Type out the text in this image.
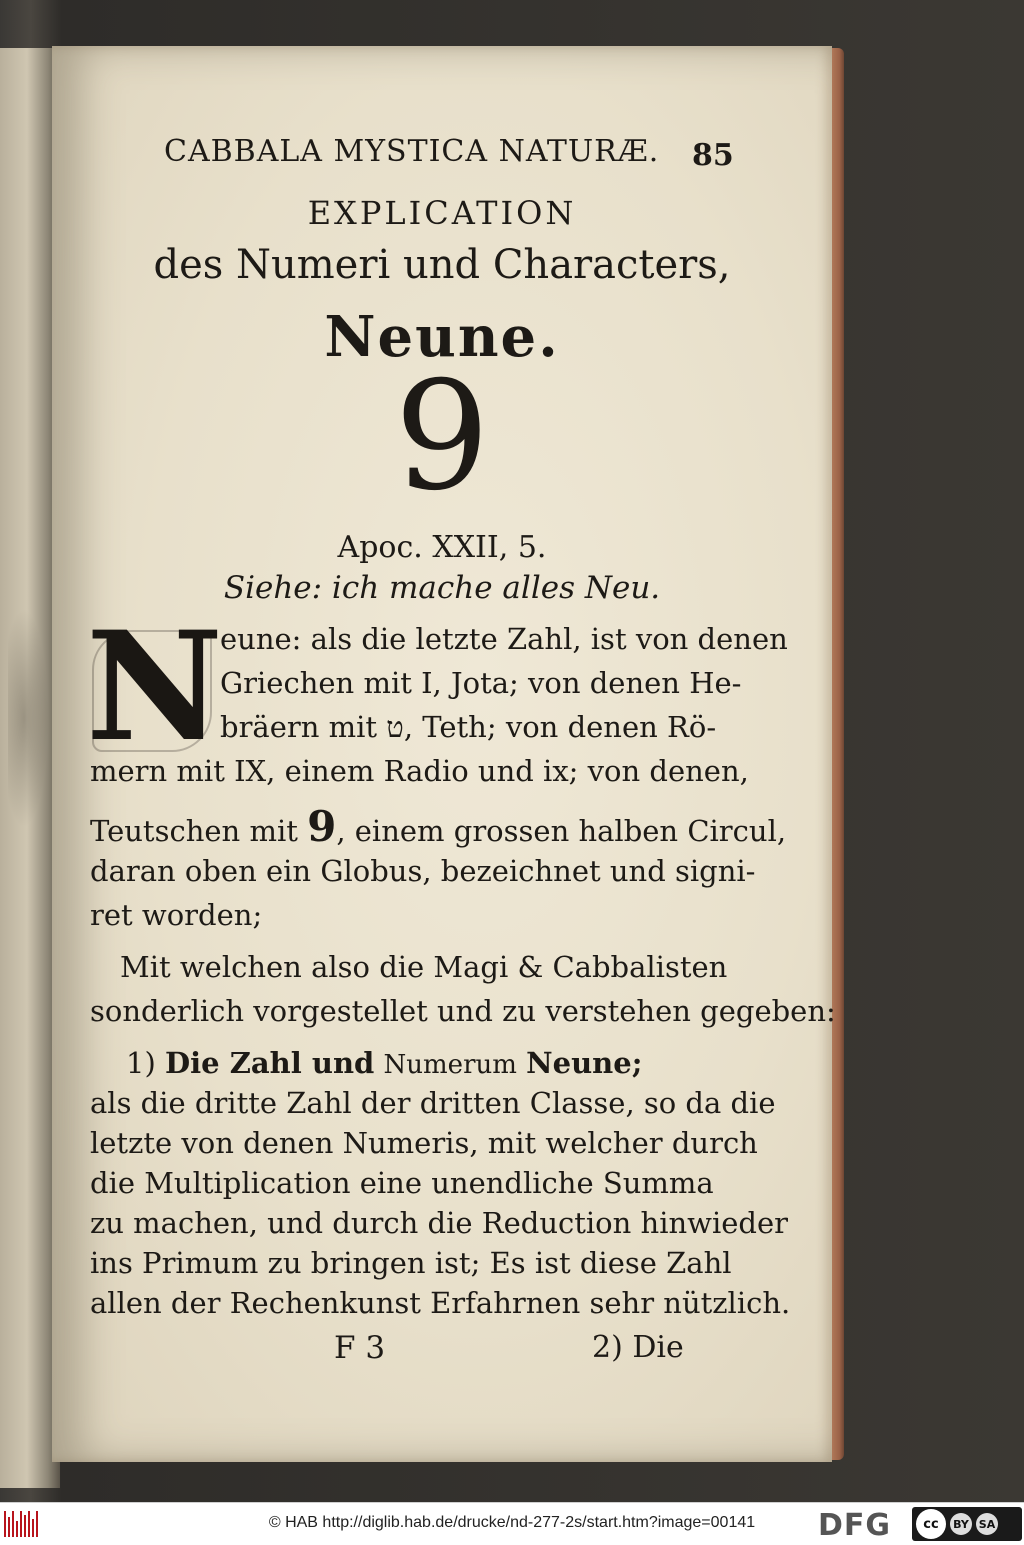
CABBALA MYSTICA NATURÆ.	85
EXPLICATION
des Numeri und Characters,
Neune.
9
Apoc. XXII, 5.
Siehe: ich mache alles Neu.
N
eune: als die letzte Zahl, ist von denen
Griechen mit I, Jota; von denen He-
bräern mit ט, Teth; von denen Rö-
mern mit IX, einem Radio und ix; von denen,
Teutschen mit 9, einem grossen halben Circul,
daran oben ein Globus, bezeichnet und signi-
ret worden;
Mit welchen also die Magi & Cabbalisten
sonderlich vorgestellet und zu verstehen gegeben:
1) Die Zahl und Numerum Neune;
als die dritte Zahl der dritten Classe, so da die
letzte von denen Numeris, mit welcher durch
die Multiplication eine unendliche Summa
zu machen, und durch die Reduction hinwieder
ins Primum zu bringen ist; Es ist diese Zahl
allen der Rechenkunst Erfahrnen sehr nützlich.
F 3	2) Die
© HAB http://diglib.hab.de/drucke/nd-277-2s/start.htm?image=00141	DFG	cc	BY SA
